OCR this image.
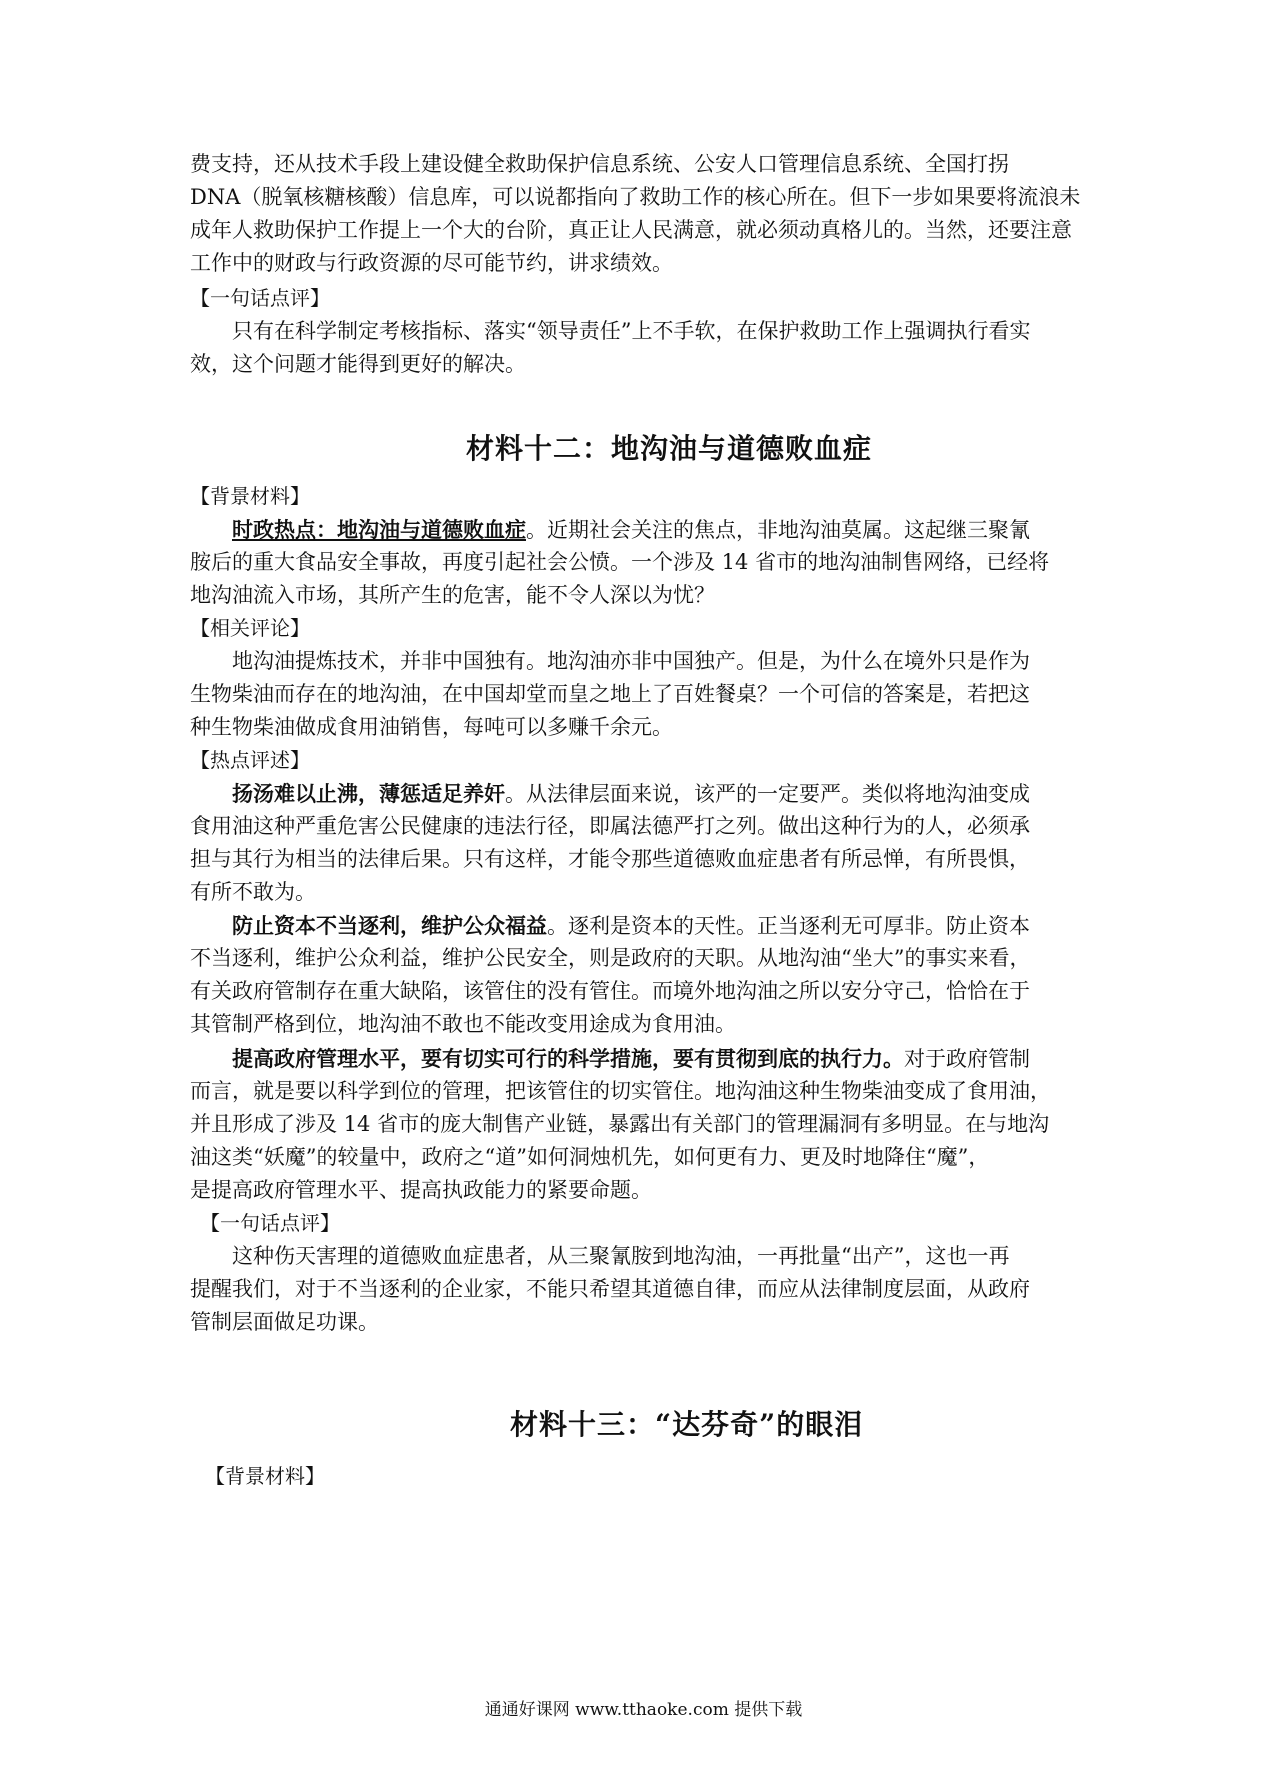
费支持，还从技术手段上建设健全救助保护信息系统、公安人口管理信息系统、全国打拐
DNA（脱氧核糖核酸）信息库，可以说都指向了救助工作的核心所在。但下一步如果要将流浪未
成年人救助保护工作提上一个大的台阶，真正让人民满意，就必须动真格儿的。当然，还要注意
工作中的财政与行政资源的尽可能节约，讲求绩效。
【一句话点评】
只有在科学制定考核指标、落实“领导责任”上不手软，在保护救助工作上强调执行看实
效，这个问题才能得到更好的解决。
材料十二：地沟油与道德败血症
【背景材料】
时政热点：地沟油与道德败血症。近期社会关注的焦点，非地沟油莫属。这起继三聚氰
胺后的重大食品安全事故，再度引起社会公愤。一个涉及 14 省市的地沟油制售网络，已经将
地沟油流入市场，其所产生的危害，能不令人深以为忧？
【相关评论】
地沟油提炼技术，并非中国独有。地沟油亦非中国独产。但是，为什么在境外只是作为
生物柴油而存在的地沟油，在中国却堂而皇之地上了百姓餐桌？一个可信的答案是，若把这
种生物柴油做成食用油销售，每吨可以多赚千余元。
【热点评述】
扬汤难以止沸，薄惩适足养奸。从法律层面来说，该严的一定要严。类似将地沟油变成
食用油这种严重危害公民健康的违法行径，即属法德严打之列。做出这种行为的人，必须承
担与其行为相当的法律后果。只有这样，才能令那些道德败血症患者有所忌惮，有所畏惧，
有所不敢为。
防止资本不当逐利，维护公众福益。逐利是资本的天性。正当逐利无可厚非。防止资本
不当逐利，维护公众利益，维护公民安全，则是政府的天职。从地沟油“坐大”的事实来看，
有关政府管制存在重大缺陷，该管住的没有管住。而境外地沟油之所以安分守己，恰恰在于
其管制严格到位，地沟油不敢也不能改变用途成为食用油。
提高政府管理水平，要有切实可行的科学措施，要有贯彻到底的执行力。对于政府管制
而言，就是要以科学到位的管理，把该管住的切实管住。地沟油这种生物柴油变成了食用油，
并且形成了涉及 14 省市的庞大制售产业链，暴露出有关部门的管理漏洞有多明显。在与地沟
油这类“妖魔”的较量中，政府之“道”如何洞烛机先，如何更有力、更及时地降住“魔”，
是提高政府管理水平、提高执政能力的紧要命题。
【一句话点评】
这种伤天害理的道德败血症患者，从三聚氰胺到地沟油，一再批量“出产”，这也一再
提醒我们，对于不当逐利的企业家，不能只希望其道德自律，而应从法律制度层面，从政府
管制层面做足功课。
材料十三：“达芬奇”的眼泪
【背景材料】
通通好课网 www.tthaoke.com 提供下载
